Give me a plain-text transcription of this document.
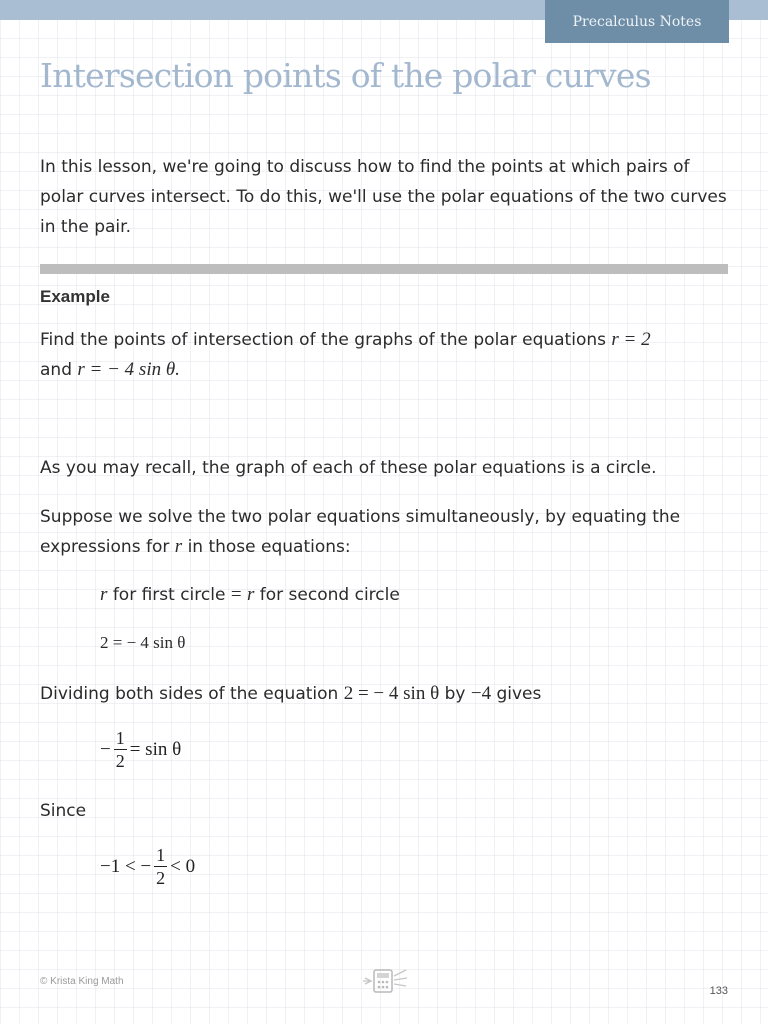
Precalculus Notes
Intersection points of the polar curves

In this lesson, we're going to discuss how to find the points at which pairs of polar curves intersect. To do this, we'll use the polar equations of the two curves in the pair.

Example

Find the points of intersection of the graphs of the polar equations r = 2
and r = − 4 sin θ.

As you may recall, the graph of each of these polar equations is a circle.

Suppose we solve the two polar equations simultaneously, by equating the expressions for r in those equations:

r for first circle = r for second circle
2 = − 4 sin θ

Dividing both sides of the equation 2 = − 4 sin θ by −4 gives

− $\frac{1}{2} = \sin \theta$

Since

−1 < − $\frac{1}{2} < 0$
© Krista King Math
133
